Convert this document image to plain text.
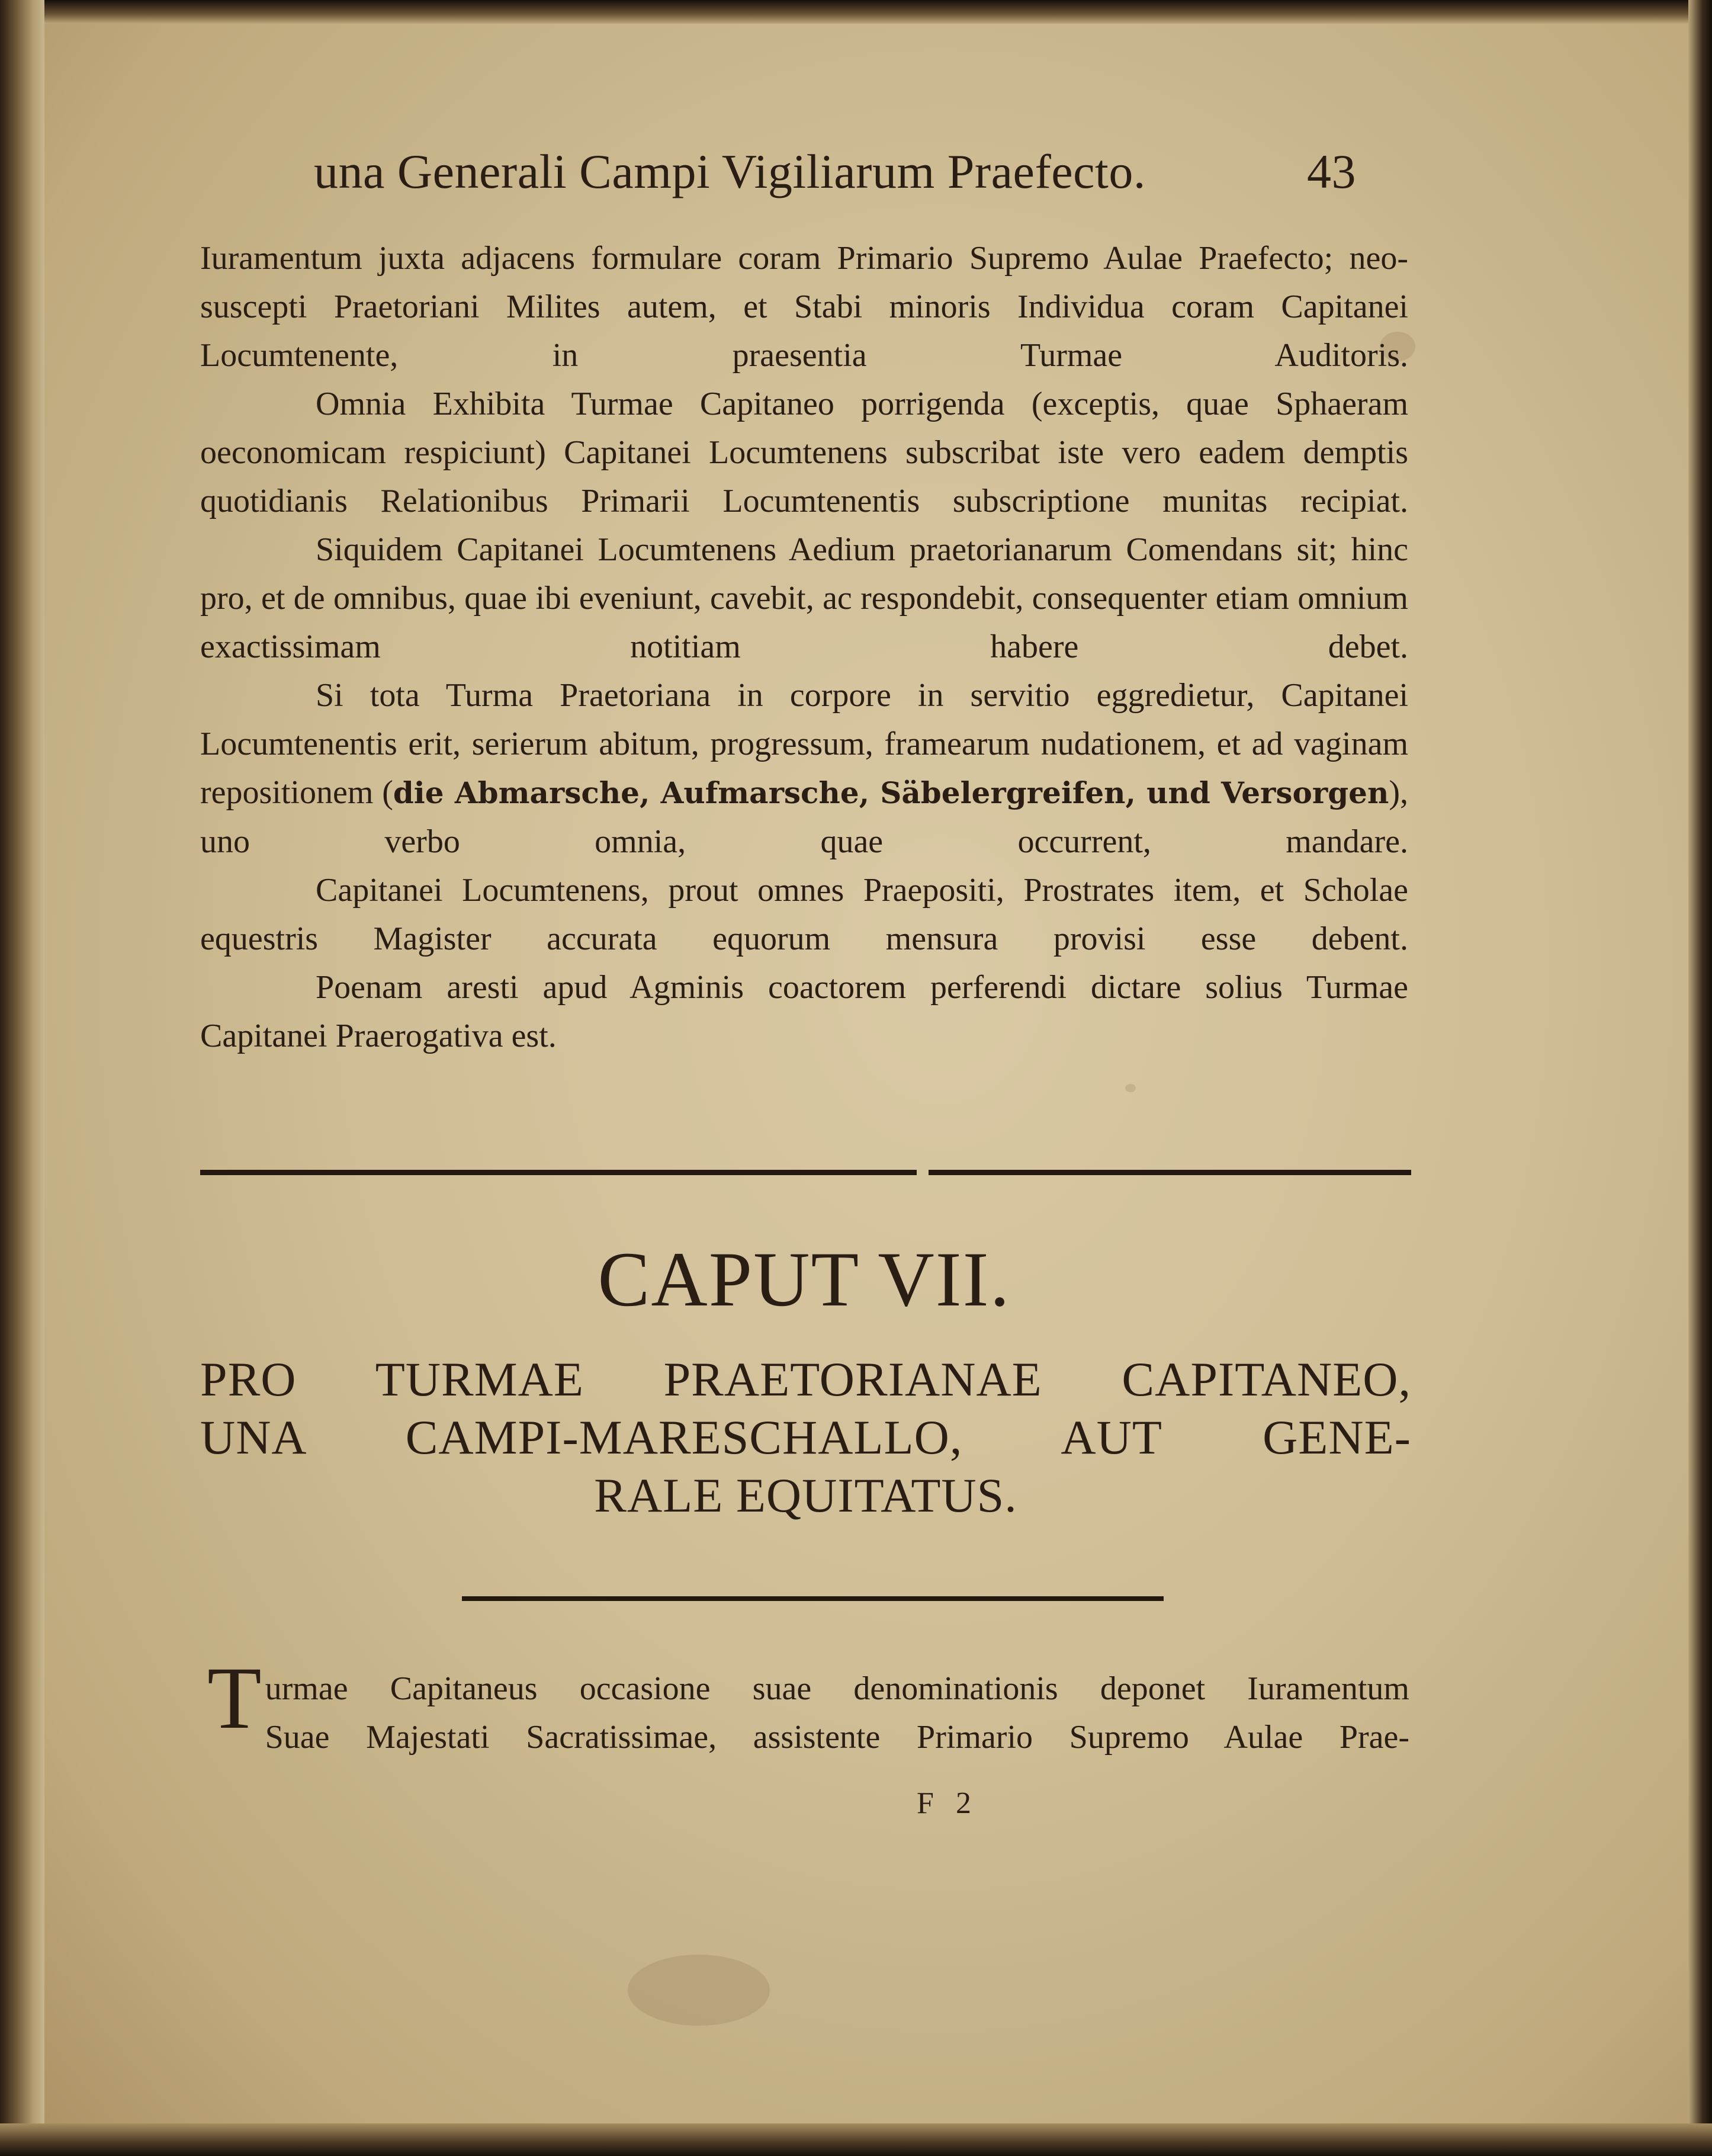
una Generali Campi Vigiliarum Praefecto.	43

Iuramentum juxta adjacens formulare coram Primario Supremo Aulae Praefecto; neo-suscepti Praetoriani Milites autem, et Stabi minoris Individua coram Capitanei Locumtenente, in praesentia Turmae Auditoris.

Omnia Exhibita Turmae Capitaneo porrigenda (exceptis, quae Sphaeram oeconomicam respiciunt) Capitanei Locumtenens subscribat iste vero eadem demptis quotidianis Relationibus Primarii Locumtenentis subscriptione munitas recipiat.

Siquidem Capitanei Locumtenens Aedium praetorianarum Comendans sit; hinc pro, et de omnibus, quae ibi eveniunt, cavebit, ac respondebit, consequenter etiam omnium exactissimam notitiam habere debet.

Si tota Turma Praetoriana in corpore in servitio eggredietur, Capitanei Locumtenentis erit, serierum abitum, progressum, framearum nudationem, et ad vaginam repositionem (die Abmarsche, Aufmarsche, Säbelergreifen, und Versorgen), uno verbo omnia, quae occurrent, mandare.

Capitanei Locumtenens, prout omnes Praepositi, Prostrates item, et Scholae equestris Magister accurata equorum mensura provisi esse debent.

Poenam aresti apud Agminis coactorem perferendi dictare solius Turmae Capitanei Praerogativa est.

CAPUT VII.
PRO TURMAE PRAETORIANAE CAPITANEO,
UNA CAMPI-MARESCHALLO, AUT GENE-
RALE EQUITATUS.
T urmae Capitaneus occasione suae denominationis deponet Iuramentum
Suae Majestati Sacratissimae, assistente Primario Supremo Aulae Prae-
F 2
